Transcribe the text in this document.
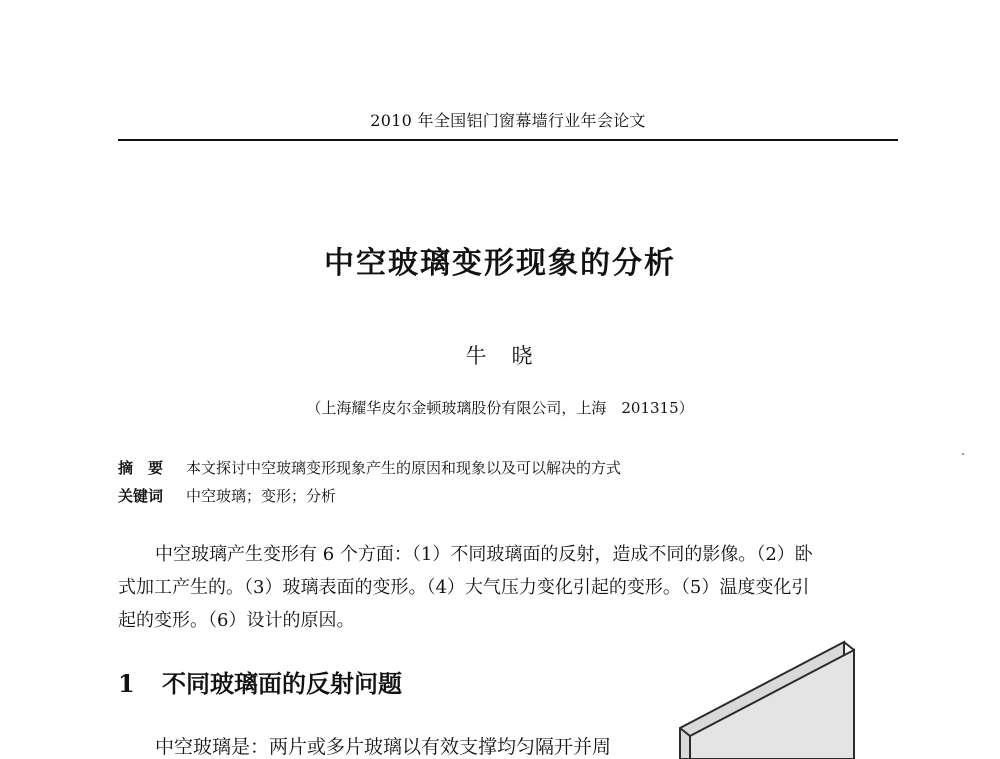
2010 年全国铝门窗幕墙行业年会论文
中空玻璃变形现象的分析
牛　晓
（上海耀华皮尔金顿玻璃股份有限公司，上海　201315）
摘　要 本文探讨中空玻璃变形现象产生的原因和现象以及可以解决的方式
关键词 中空玻璃；变形；分析
中空玻璃产生变形有 6 个方面：（1）不同玻璃面的反射，造成不同的影像。（2）卧
式加工产生的。（3）玻璃表面的变形。（4）大气压力变化引起的变形。（5）温度变化引
起的变形。（6）设计的原因。
1 不同玻璃面的反射问题
中空玻璃是：两片或多片玻璃以有效支撑均匀隔开并周
